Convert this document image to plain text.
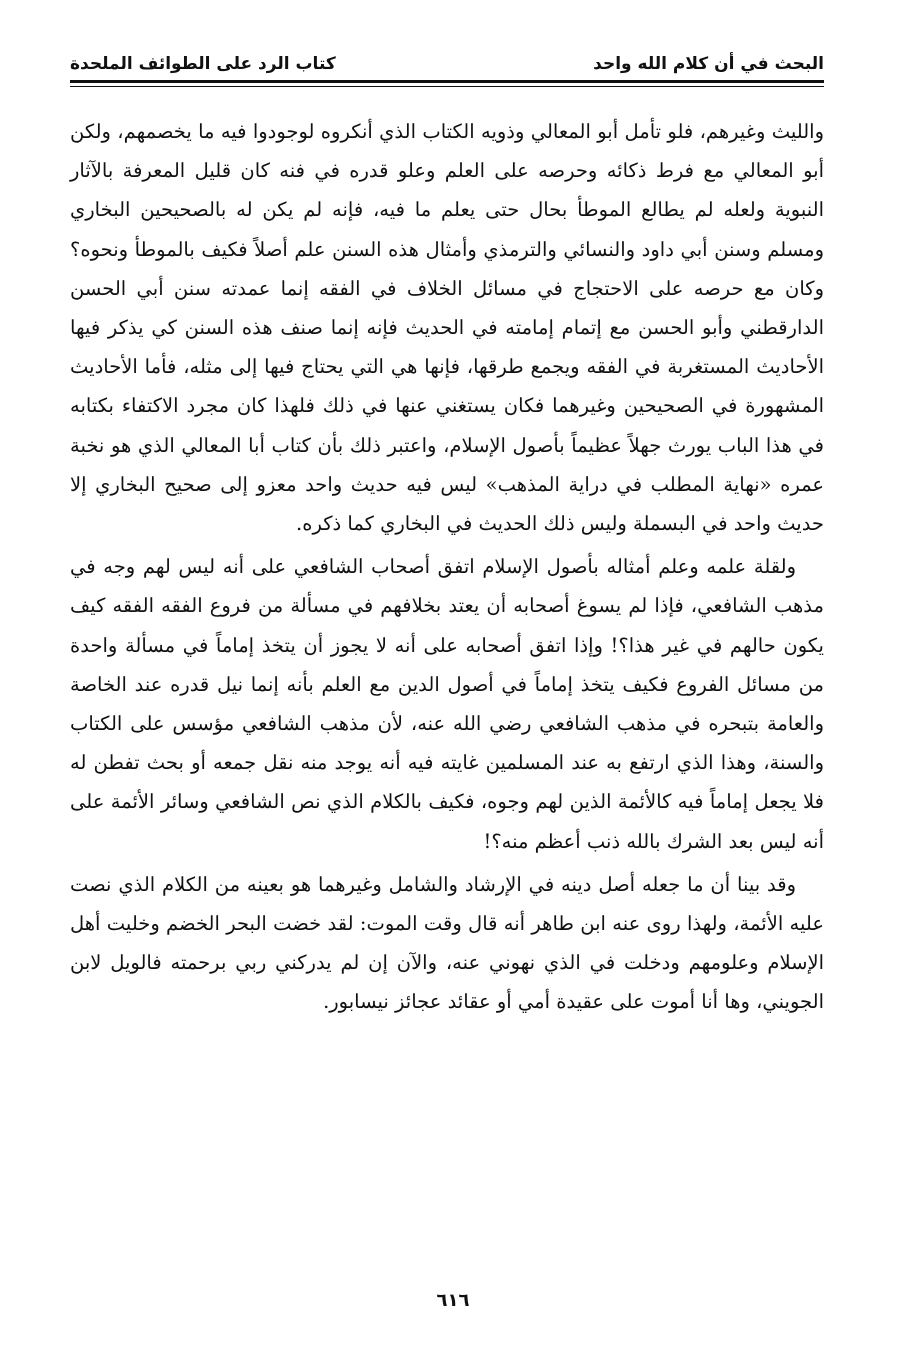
البحث في أن كلام الله واحد
كتاب الرد على الطوائف الملحدة

والليث وغيرهم، فلو تأمل أبو المعالي وذويه الكتاب الذي أنكروه لوجودوا فيه ما يخصمهم، ولكن أبو المعالي مع فرط ذكائه وحرصه على العلم وعلو قدره في فنه كان قليل المعرفة بالآثار النبوية ولعله لم يطالع الموطأ بحال حتى يعلم ما فيه، فإنه لم يكن له بالصحيحين البخاري ومسلم وسنن أبي داود والنسائي والترمذي وأمثال هذه السنن علم أصلاً فكيف بالموطأ ونحوه؟ وكان مع حرصه على الاحتجاج في مسائل الخلاف في الفقه إنما عمدته سنن أبي الحسن الدارقطني وأبو الحسن مع إتمام إمامته في الحديث فإنه إنما صنف هذه السنن كي يذكر فيها الأحاديث المستغربة في الفقه ويجمع طرقها، فإنها هي التي يحتاج فيها إلى مثله، فأما الأحاديث المشهورة في الصحيحين وغيرهما فكان يستغني عنها في ذلك فلهذا كان مجرد الاكتفاء بكتابه في هذا الباب يورث جهلاً عظيماً بأصول الإسلام، واعتبر ذلك بأن كتاب أبا المعالي الذي هو نخبة عمره «نهاية المطلب في دراية المذهب» ليس فيه حديث واحد معزو إلى صحيح البخاري إلا حديث واحد في البسملة وليس ذلك الحديث في البخاري كما ذكره.

ولقلة علمه وعلم أمثاله بأصول الإسلام اتفق أصحاب الشافعي على أنه ليس لهم وجه في مذهب الشافعي، فإذا لم يسوغ أصحابه أن يعتد بخلافهم في مسألة من فروع الفقه الفقه كيف يكون حالهم في غير هذا؟! وإذا اتفق أصحابه على أنه لا يجوز أن يتخذ إماماً في مسألة واحدة من مسائل الفروع فكيف يتخذ إماماً في أصول الدين مع العلم بأنه إنما نيل قدره عند الخاصة والعامة بتبحره في مذهب الشافعي رضي الله عنه، لأن مذهب الشافعي مؤسس على الكتاب والسنة، وهذا الذي ارتفع به عند المسلمين غايته فيه أنه يوجد منه نقل جمعه أو بحث تفطن له فلا يجعل إماماً فيه كالأئمة الذين لهم وجوه، فكيف بالكلام الذي نص الشافعي وسائر الأئمة على أنه ليس بعد الشرك بالله ذنب أعظم منه؟!

وقد بينا أن ما جعله أصل دينه في الإرشاد والشامل وغيرهما هو بعينه من الكلام الذي نصت عليه الأئمة، ولهذا روى عنه ابن طاهر أنه قال وقت الموت: لقد خضت البحر الخضم وخليت أهل الإسلام وعلومهم ودخلت في الذي نهوني عنه، والآن إن لم يدركني ربي برحمته فالويل لابن الجويني، وها أنا أموت على عقيدة أمي أو عقائد عجائز نيسابور.

٦١٦
